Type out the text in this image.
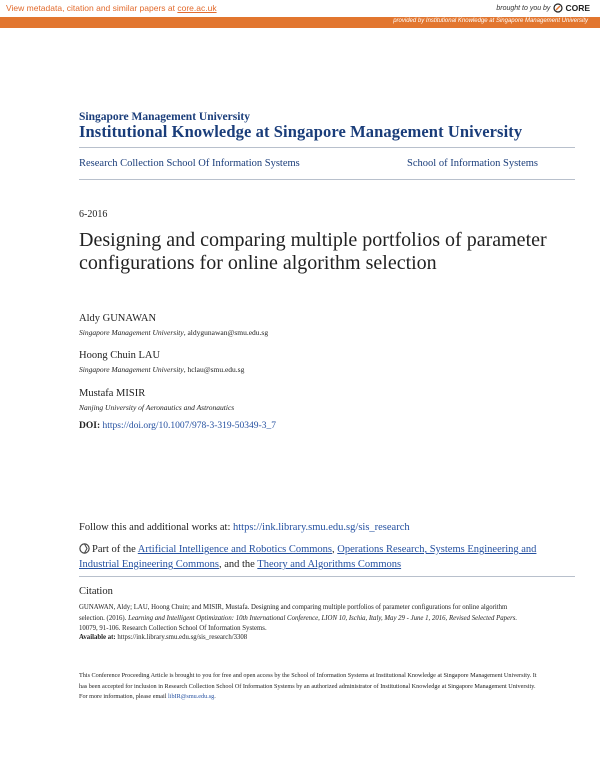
View metadata, citation and similar papers at core.ac.uk	brought to you by CORE
provided by Institutional Knowledge at Singapore Management University
Singapore Management University
Institutional Knowledge at Singapore Management University
Research Collection School Of Information Systems	School of Information Systems
6-2016
Designing and comparing multiple portfolios of parameter configurations for online algorithm selection
Aldy GUNAWAN
Singapore Management University, aldygunawan@smu.edu.sg
Hoong Chuin LAU
Singapore Management University, hclau@smu.edu.sg
Mustafa MISIR
Nanjing University of Aeronautics and Astronautics
DOI: https://doi.org/10.1007/978-3-319-50349-3_7
Follow this and additional works at: https://ink.library.smu.edu.sg/sis_research
Part of the Artificial Intelligence and Robotics Commons, Operations Research, Systems Engineering and Industrial Engineering Commons, and the Theory and Algorithms Commons
Citation
GUNAWAN, Aldy; LAU, Hoong Chuin; and MISIR, Mustafa. Designing and comparing multiple portfolios of parameter configurations for online algorithm selection. (2016). Learning and Intelligent Optimization: 10th International Conference, LION 10, Ischia, Italy, May 29 - June 1, 2016, Revised Selected Papers. 10079, 91-106. Research Collection School Of Information Systems.
Available at: https://ink.library.smu.edu.sg/sis_research/3308
This Conference Proceeding Article is brought to you for free and open access by the School of Information Systems at Institutional Knowledge at Singapore Management University. It has been accepted for inclusion in Research Collection School Of Information Systems by an authorized administrator of Institutional Knowledge at Singapore Management University. For more information, please email libIR@smu.edu.sg.
